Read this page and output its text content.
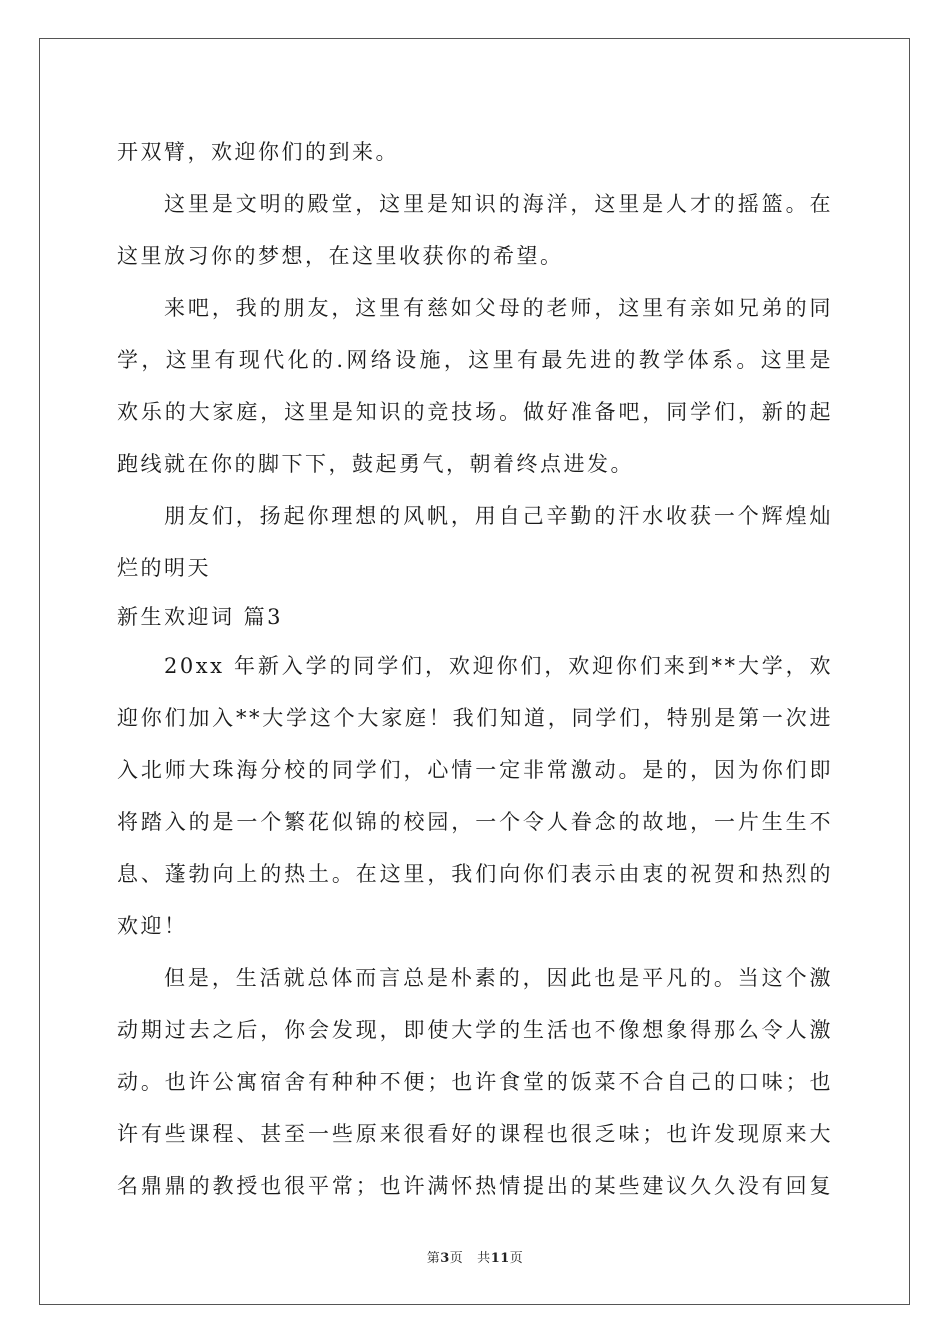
开双臂，欢迎你们的到来。
这里是文明的殿堂，这里是知识的海洋，这里是人才的摇篮。在
这里放习你的梦想，在这里收获你的希望。
来吧，我的朋友，这里有慈如父母的老师，这里有亲如兄弟的同
学，这里有现代化的.网络设施，这里有最先进的教学体系。这里是
欢乐的大家庭，这里是知识的竞技场。做好准备吧，同学们，新的起
跑线就在你的脚下下，鼓起勇气，朝着终点进发。
朋友们，扬起你理想的风帆，用自己辛勤的汗水收获一个辉煌灿
烂的明天
新生欢迎词 篇3
20xx 年新入学的同学们，欢迎你们，欢迎你们来到**大学，欢
迎你们加入**大学这个大家庭！我们知道，同学们，特别是第一次进
入北师大珠海分校的同学们，心情一定非常激动。是的，因为你们即
将踏入的是一个繁花似锦的校园，一个令人眷念的故地，一片生生不
息、蓬勃向上的热土。在这里，我们向你们表示由衷的祝贺和热烈的
欢迎！
但是，生活就总体而言总是朴素的，因此也是平凡的。当这个激
动期过去之后，你会发现，即使大学的生活也不像想象得那么令人激
动。也许公寓宿舍有种种不便；也许食堂的饭菜不合自己的口味；也
许有些课程、甚至一些原来很看好的课程也很乏味；也许发现原来大
名鼎鼎的教授也很平常；也许满怀热情提出的某些建议久久没有回复
第3页 共11页
